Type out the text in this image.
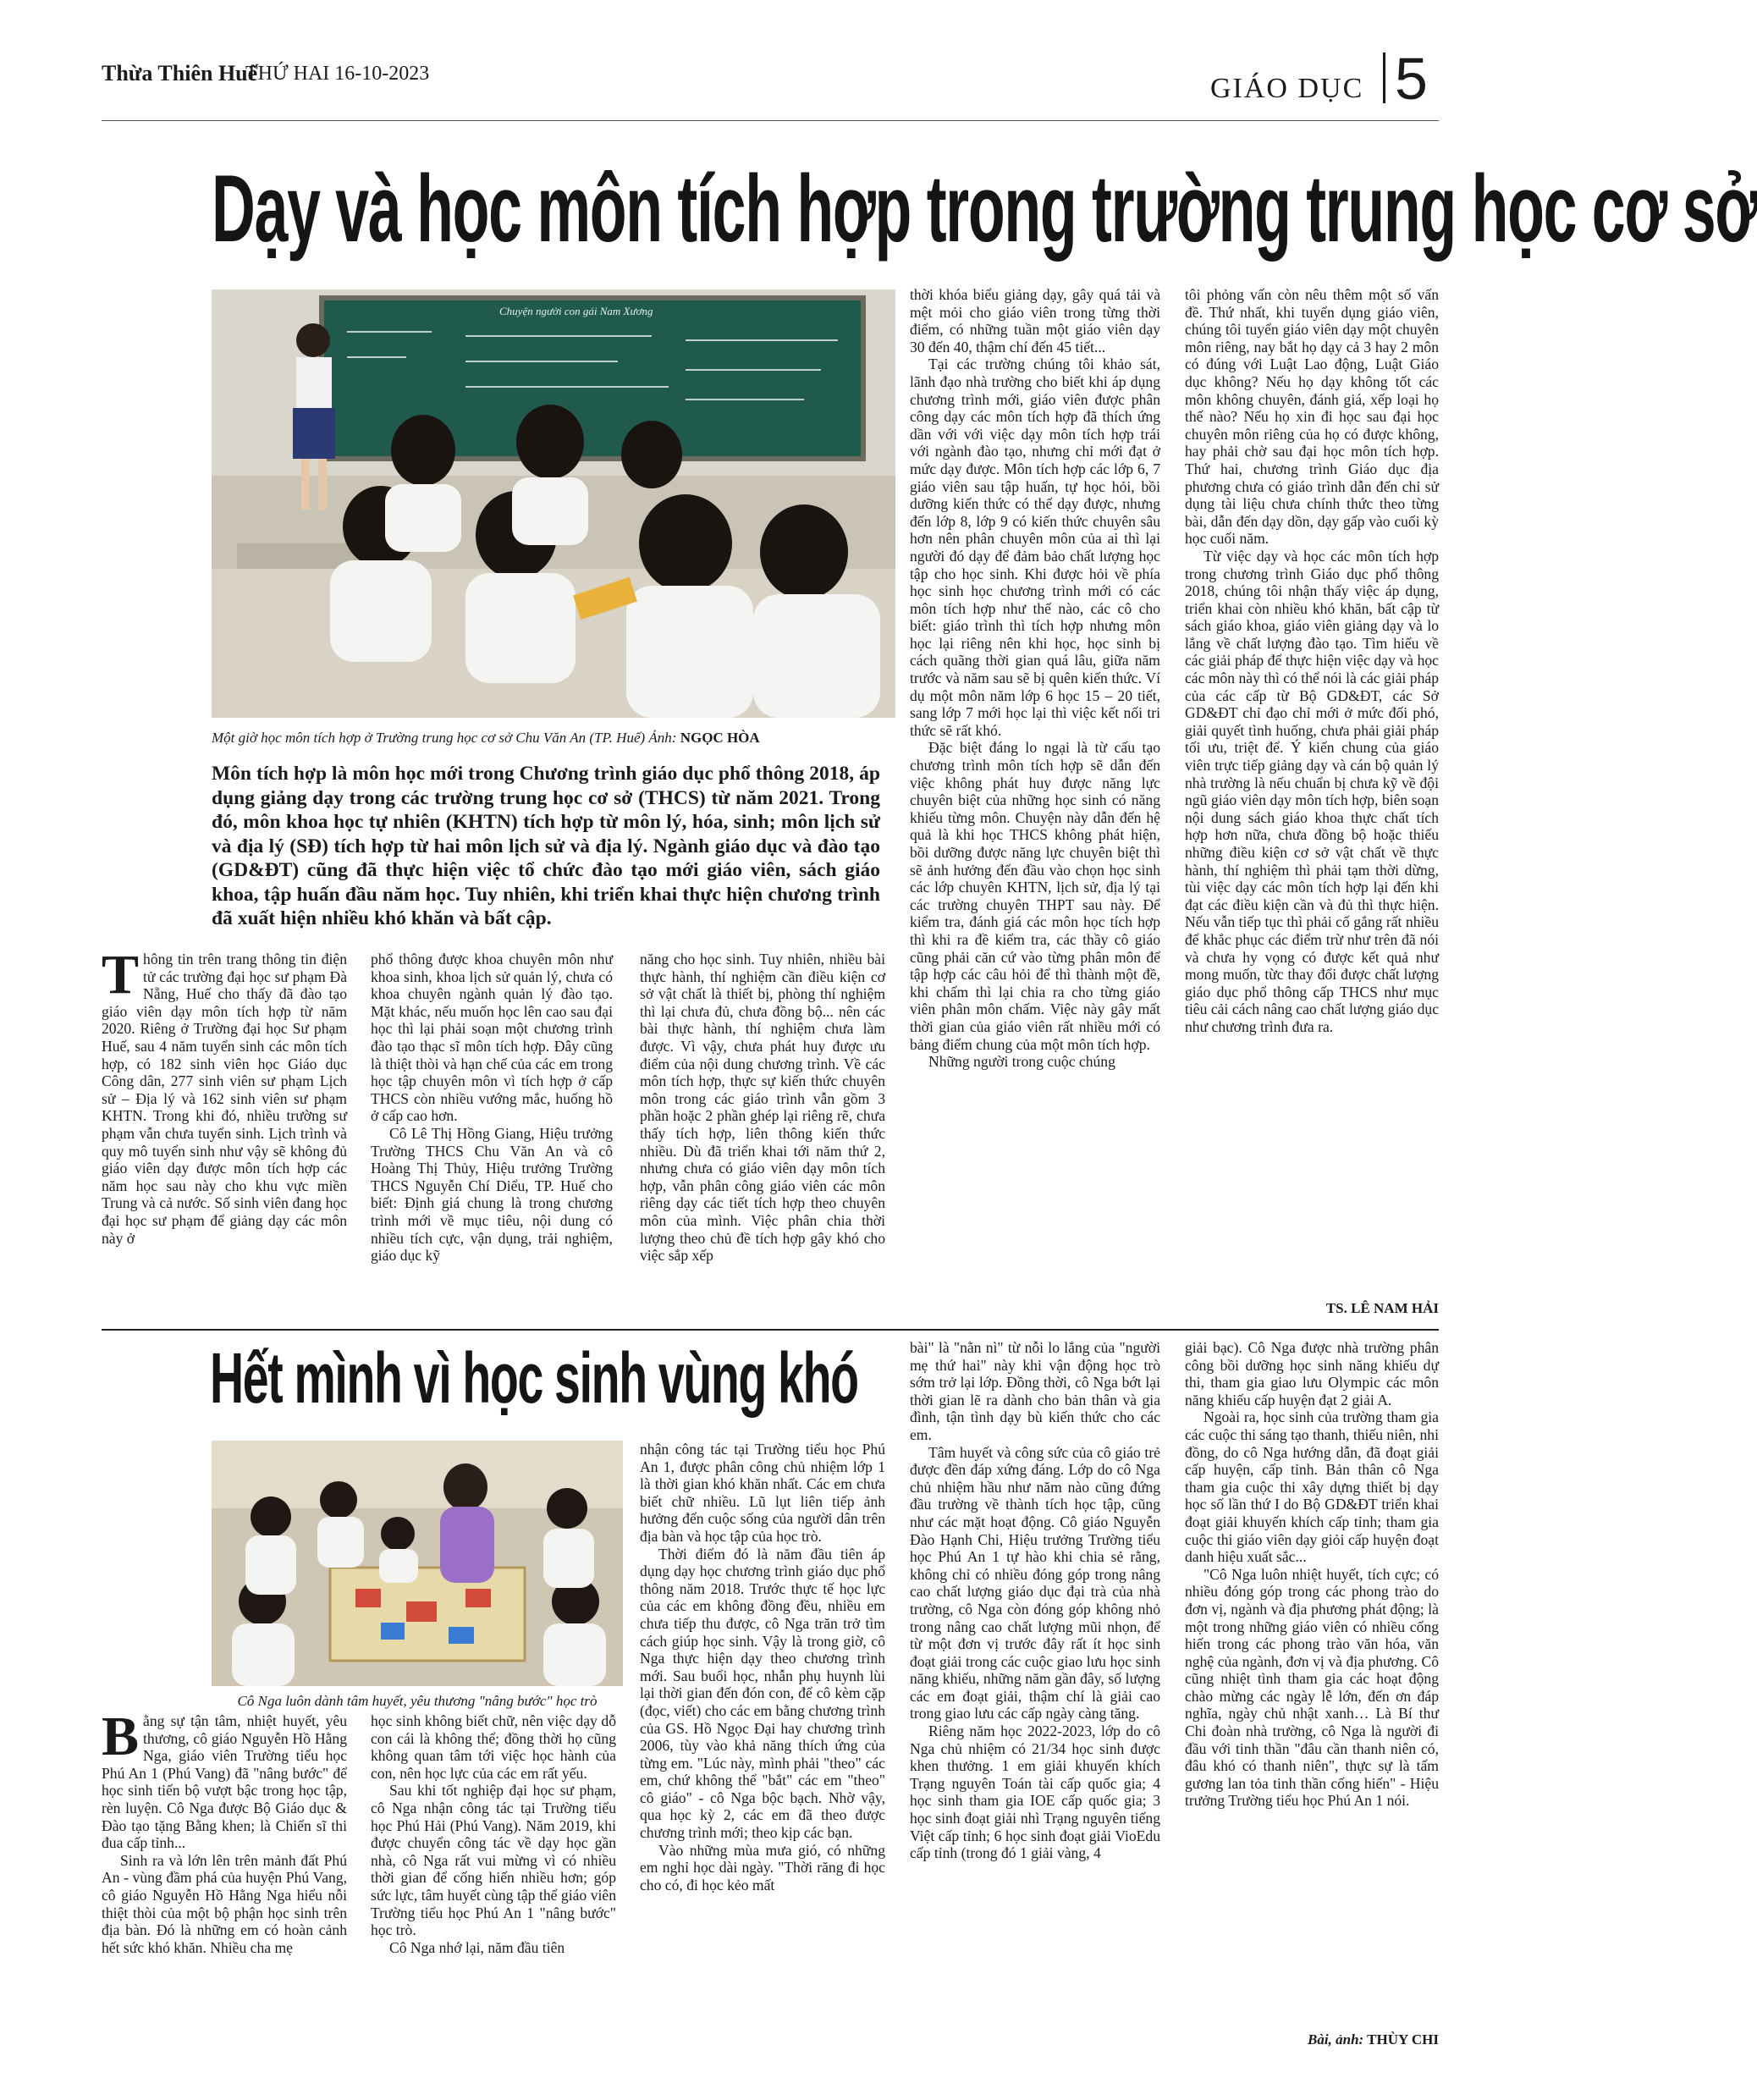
Thừa Thiên Huế
THỨ HAI 16-10-2023	GIÁO DỤC 5
Dạy và học môn tích hợp trong trường trung học cơ sở
Chuyện người con gái Nam Xương
Một giờ học môn tích hợp ở Trường trung học cơ sở Chu Văn An (TP. Huế) Ảnh: NGỌC HÒA
Môn tích hợp là môn học mới trong Chương trình giáo dục phổ thông 2018, áp dụng giảng dạy trong các trường trung học cơ sở (THCS) từ năm 2021. Trong đó, môn khoa học tự nhiên (KHTN) tích hợp từ môn lý, hóa, sinh; môn lịch sử và địa lý (SĐ) tích hợp từ hai môn lịch sử và địa lý. Ngành giáo dục và đào tạo (GD&ĐT) cũng đã thực hiện việc tổ chức đào tạo mới giáo viên, sách giáo khoa, tập huấn đầu năm học. Tuy nhiên, khi triển khai thực hiện chương trình đã xuất hiện nhiều khó khăn và bất cập.

Thông tin trên trang thông tin điện tử các trường đại học sư phạm Đà Nẵng, Huế cho thấy đã đào tạo giáo viên dạy môn tích hợp từ năm 2020. Riêng ở Trường đại học Sư phạm Huế, sau 4 năm tuyển sinh các môn tích hợp, có 182 sinh viên học Giáo dục Công dân, 277 sinh viên sư phạm Lịch sử – Địa lý và 162 sinh viên sư phạm KHTN. Trong khi đó, nhiều trường sư phạm vẫn chưa tuyển sinh. Lịch trình và quy mô tuyển sinh như vậy sẽ không đủ giáo viên dạy được môn tích hợp các năm học sau này cho khu vực miền Trung và cả nước. Số sinh viên đang học đại học sư phạm để giảng dạy các môn này ở

phổ thông được khoa chuyên môn như khoa sinh, khoa lịch sử quản lý, chưa có khoa chuyên ngành quản lý đào tạo. Mặt khác, nếu muốn học lên cao sau đại học thì lại phải soạn một chương trình đào tạo thạc sĩ môn tích hợp. Đây cũng là thiệt thòi và hạn chế của các em trong học tập chuyên môn vì tích hợp ở cấp THCS còn nhiều vướng mắc, huống hồ ở cấp cao hơn.

Cô Lê Thị Hồng Giang, Hiệu trưởng Trường THCS Chu Văn An và cô Hoàng Thị Thủy, Hiệu trưởng Trường THCS Nguyễn Chí Diểu, TP. Huế cho biết: Định giá chung là trong chương trình mới về mục tiêu, nội dung có nhiều tích cực, vận dụng, trải nghiệm, giáo dục kỹ

năng cho học sinh. Tuy nhiên, nhiều bài thực hành, thí nghiệm cần điều kiện cơ sở vật chất là thiết bị, phòng thí nghiệm thì lại chưa đủ, chưa đồng bộ... nên các bài thực hành, thí nghiệm chưa làm được. Vì vậy, chưa phát huy được ưu điểm của nội dung chương trình. Về các môn tích hợp, thực sự kiến thức chuyên môn trong các giáo trình vẫn gồm 3 phần hoặc 2 phần ghép lại riêng rẽ, chưa thấy tích hợp, liên thông kiến thức nhiều. Dù đã triển khai tới năm thứ 2, nhưng chưa có giáo viên dạy môn tích hợp, vẫn phân công giáo viên các môn riêng dạy các tiết tích hợp theo chuyên môn của mình. Việc phân chia thời lượng theo chủ đề tích hợp gây khó cho việc sắp xếp

thời khóa biểu giảng dạy, gây quá tải và mệt mỏi cho giáo viên trong từng thời điểm, có những tuần một giáo viên dạy 30 đến 40, thậm chí đến 45 tiết...

Tại các trường chúng tôi khảo sát, lãnh đạo nhà trường cho biết khi áp dụng chương trình mới, giáo viên được phân công dạy các môn tích hợp đã thích ứng dần với với việc dạy môn tích hợp trái với ngành đào tạo, nhưng chỉ mới đạt ở mức dạy được. Môn tích hợp các lớp 6, 7 giáo viên sau tập huấn, tự học hỏi, bồi dưỡng kiến thức có thể dạy được, nhưng đến lớp 8, lớp 9 có kiến thức chuyên sâu hơn nên phân chuyên môn của ai thì lại người đó dạy để đảm bảo chất lượng học tập cho học sinh. Khi được hỏi về phía học sinh học chương trình mới có các môn tích hợp như thế nào, các cô cho biết: giáo trình thì tích hợp nhưng môn học lại riêng nên khi học, học sinh bị cách quãng thời gian quá lâu, giữa năm trước và năm sau sẽ bị quên kiến thức. Ví dụ một môn năm lớp 6 học 15 – 20 tiết, sang lớp 7 mới học lại thì việc kết nối tri thức sẽ rất khó.

Đặc biệt đáng lo ngại là từ cấu tạo chương trình môn tích hợp sẽ dẫn đến việc không phát huy được năng lực chuyên biệt của những học sinh có năng khiếu từng môn. Chuyện này dẫn đến hệ quả là khi học THCS không phát hiện, bồi dưỡng được năng lực chuyên biệt thì sẽ ảnh hưởng đến đầu vào chọn học sinh các lớp chuyên KHTN, lịch sử, địa lý tại các trường chuyên THPT sau này. Để kiểm tra, đánh giá các môn học tích hợp thì khi ra đề kiểm tra, các thầy cô giáo cũng phải căn cứ vào từng phân môn để tập hợp các câu hỏi để thì thành một đề, khi chấm thì lại chia ra cho từng giáo viên phân môn chấm. Việc này gây mất thời gian của giáo viên rất nhiều mới có bảng điểm chung của một môn tích hợp.

Những người trong cuộc chúng

tôi phỏng vấn còn nêu thêm một số vấn đề. Thứ nhất, khi tuyển dụng giáo viên, chúng tôi tuyển giáo viên dạy một chuyên môn riêng, nay bắt họ dạy cả 3 hay 2 môn có đúng với Luật Lao động, Luật Giáo dục không? Nếu họ dạy không tốt các môn không chuyên, đánh giá, xếp loại họ thế nào? Nếu họ xin đi học sau đại học chuyên môn riêng của họ có được không, hay phải chờ sau đại học môn tích hợp. Thứ hai, chương trình Giáo dục địa phương chưa có giáo trình dẫn đến chỉ sử dụng tài liệu chưa chính thức theo từng bài, dẫn đến dạy dồn, dạy gấp vào cuối kỳ học cuối năm.

Từ việc dạy và học các môn tích hợp trong chương trình Giáo dục phổ thông 2018, chúng tôi nhận thấy việc áp dụng, triển khai còn nhiều khó khăn, bất cập từ sách giáo khoa, giáo viên giảng dạy và lo lắng về chất lượng đào tạo. Tìm hiểu về các giải pháp để thực hiện việc dạy và học các môn này thì có thể nói là các giải pháp của các cấp từ Bộ GD&ĐT, các Sở GD&ĐT chỉ đạo chỉ mới ở mức đối phó, giải quyết tình huống, chưa phải giải pháp tối ưu, triệt để. Ý kiến chung của giáo viên trực tiếp giảng dạy và cán bộ quản lý nhà trường là nếu chuẩn bị chưa kỹ về đội ngũ giáo viên dạy môn tích hợp, biên soạn nội dung sách giáo khoa thực chất tích hợp hơn nữa, chưa đồng bộ hoặc thiếu những điều kiện cơ sở vật chất về thực hành, thí nghiệm thì phải tạm thời dừng, tùi việc dạy các môn tích hợp lại đến khi đạt các điều kiện cần và đủ thì thực hiện. Nếu vẫn tiếp tục thì phải cố gắng rất nhiều để khắc phục các điểm trừ như trên đã nói và chưa hy vọng có được kết quả như mong muốn, từc thay đổi được chất lượng giáo dục phổ thông cấp THCS như mục tiêu cải cách nâng cao chất lượng giáo dục như chương trình đưa ra.

TS. LÊ NAM HẢI
Hết mình vì học sinh vùng khó
Cô Nga luôn dành tâm huyết, yêu thương "nâng bước" học trò

Bằng sự tận tâm, nhiệt huyết, yêu thương, cô giáo Nguyễn Hồ Hằng Nga, giáo viên Trường tiểu học Phú An 1 (Phú Vang) đã "nâng bước" để học sinh tiến bộ vượt bậc trong học tập, rèn luyện. Cô Nga được Bộ Giáo dục & Đào tạo tặng Bằng khen; là Chiến sĩ thi đua cấp tỉnh...

Sinh ra và lớn lên trên mảnh đất Phú An - vùng đầm phá của huyện Phú Vang, cô giáo Nguyễn Hồ Hằng Nga hiểu nỗi thiệt thòi của một bộ phận học sinh trên địa bàn. Đó là những em có hoàn cảnh hết sức khó khăn. Nhiều cha mẹ

học sinh không biết chữ, nên việc dạy dỗ con cái là không thể; đồng thời họ cũng không quan tâm tới việc học hành của con, nên học lực của các em rất yếu.

Sau khi tốt nghiệp đại học sư phạm, cô Nga nhận công tác tại Trường tiểu học Phú Hải (Phú Vang). Năm 2019, khi được chuyển công tác về dạy học gần nhà, cô Nga rất vui mừng vì có nhiều thời gian để cống hiến nhiều hơn; góp sức lực, tâm huyết cùng tập thể giáo viên Trường tiểu học Phú An 1 "nâng bước" học trò.

Cô Nga nhớ lại, năm đầu tiên

nhận công tác tại Trường tiểu học Phú An 1, được phân công chủ nhiệm lớp 1 là thời gian khó khăn nhất. Các em chưa biết chữ nhiều. Lũ lụt liên tiếp ảnh hưởng đến cuộc sống của người dân trên địa bàn và học tập của học trò.

Thời điểm đó là năm đầu tiên áp dụng dạy học chương trình giáo dục phổ thông năm 2018. Trước thực tế học lực của các em không đồng đều, nhiều em chưa tiếp thu được, cô Nga trăn trở tìm cách giúp học sinh. Vậy là trong giờ, cô Nga thực hiện dạy theo chương trình mới. Sau buổi học, nhẫn phụ huynh lùi lại thời gian đến đón con, để cô kèm cặp (đọc, viết) cho các em bằng chương trình của GS. Hồ Ngọc Đại hay chương trình 2006, tùy vào khả năng thích ứng của từng em. "Lúc này, mình phải "theo" các em, chứ không thể "bắt" các em "theo" cô giáo" - cô Nga bộc bạch. Nhờ vậy, qua học kỳ 2, các em đã theo được chương trình mới; theo kịp các bạn.

Vào những mùa mưa gió, có những em nghỉ học dài ngày. "Thời răng đi học cho có, đi học kẻo mất

bài" là "nằn nì" từ nỗi lo lắng của "người mẹ thứ hai" này khi vận động học trò sớm trở lại lớp. Đồng thời, cô Nga bớt lại thời gian lẽ ra dành cho bản thân và gia đình, tận tình dạy bù kiến thức cho các em.

Tâm huyết và công sức của cô giáo trẻ được đền đáp xứng đáng. Lớp do cô Nga chủ nhiệm hầu như năm nào cũng đứng đầu trường về thành tích học tập, cũng như các mặt hoạt động. Cô giáo Nguyễn Đào Hạnh Chi, Hiệu trưởng Trường tiểu học Phú An 1 tự hào khi chia sẻ rằng, không chỉ có nhiều đóng góp trong nâng cao chất lượng giáo dục đại trà của nhà trường, cô Nga còn đóng góp không nhỏ trong nâng cao chất lượng mũi nhọn, để từ một đơn vị trước đây rất ít học sinh đoạt giải trong các cuộc giao lưu học sinh năng khiếu, những năm gần đây, số lượng các em đoạt giải, thậm chí là giải cao trong giao lưu các cấp ngày càng tăng.

Riêng năm học 2022-2023, lớp do cô Nga chủ nhiệm có 21/34 học sinh được khen thưởng. 1 em giải khuyến khích Trạng nguyên Toán tài cấp quốc gia; 4 học sinh tham gia IOE cấp quốc gia; 3 học sinh đoạt giải nhì Trạng nguyên tiếng Việt cấp tỉnh; 6 học sinh đoạt giải VioEdu cấp tỉnh (trong đó 1 giải vàng, 4

giải bạc). Cô Nga được nhà trường phân công bồi dưỡng học sinh năng khiếu dự thi, tham gia giao lưu Olympic các môn năng khiếu cấp huyện đạt 2 giải A.

Ngoài ra, học sinh của trường tham gia các cuộc thi sáng tạo thanh, thiếu niên, nhi đồng, do cô Nga hướng dẫn, đã đoạt giải cấp huyện, cấp tỉnh. Bản thân cô Nga tham gia cuộc thi xây dựng thiết bị dạy học số lần thứ I do Bộ GD&ĐT triển khai đoạt giải khuyến khích cấp tỉnh; tham gia cuộc thi giáo viên dạy giỏi cấp huyện đoạt danh hiệu xuất sắc...

"Cô Nga luôn nhiệt huyết, tích cực; có nhiều đóng góp trong các phong trào do đơn vị, ngành và địa phương phát động; là một trong những giáo viên có nhiều cống hiến trong các phong trào văn hóa, văn nghệ của ngành, đơn vị và địa phương. Cô cũng nhiệt tình tham gia các hoạt động chào mừng các ngày lễ lớn, đến ơn đáp nghĩa, ngày chủ nhật xanh… Là Bí thư Chi đoàn nhà trường, cô Nga là người đi đầu với tinh thần "đâu cần thanh niên có, đâu khó có thanh niên", thực sự là tấm gương lan tỏa tinh thần cống hiến" - Hiệu trưởng Trường tiểu học Phú An 1 nói.

Bài, ảnh: THÙY CHI
